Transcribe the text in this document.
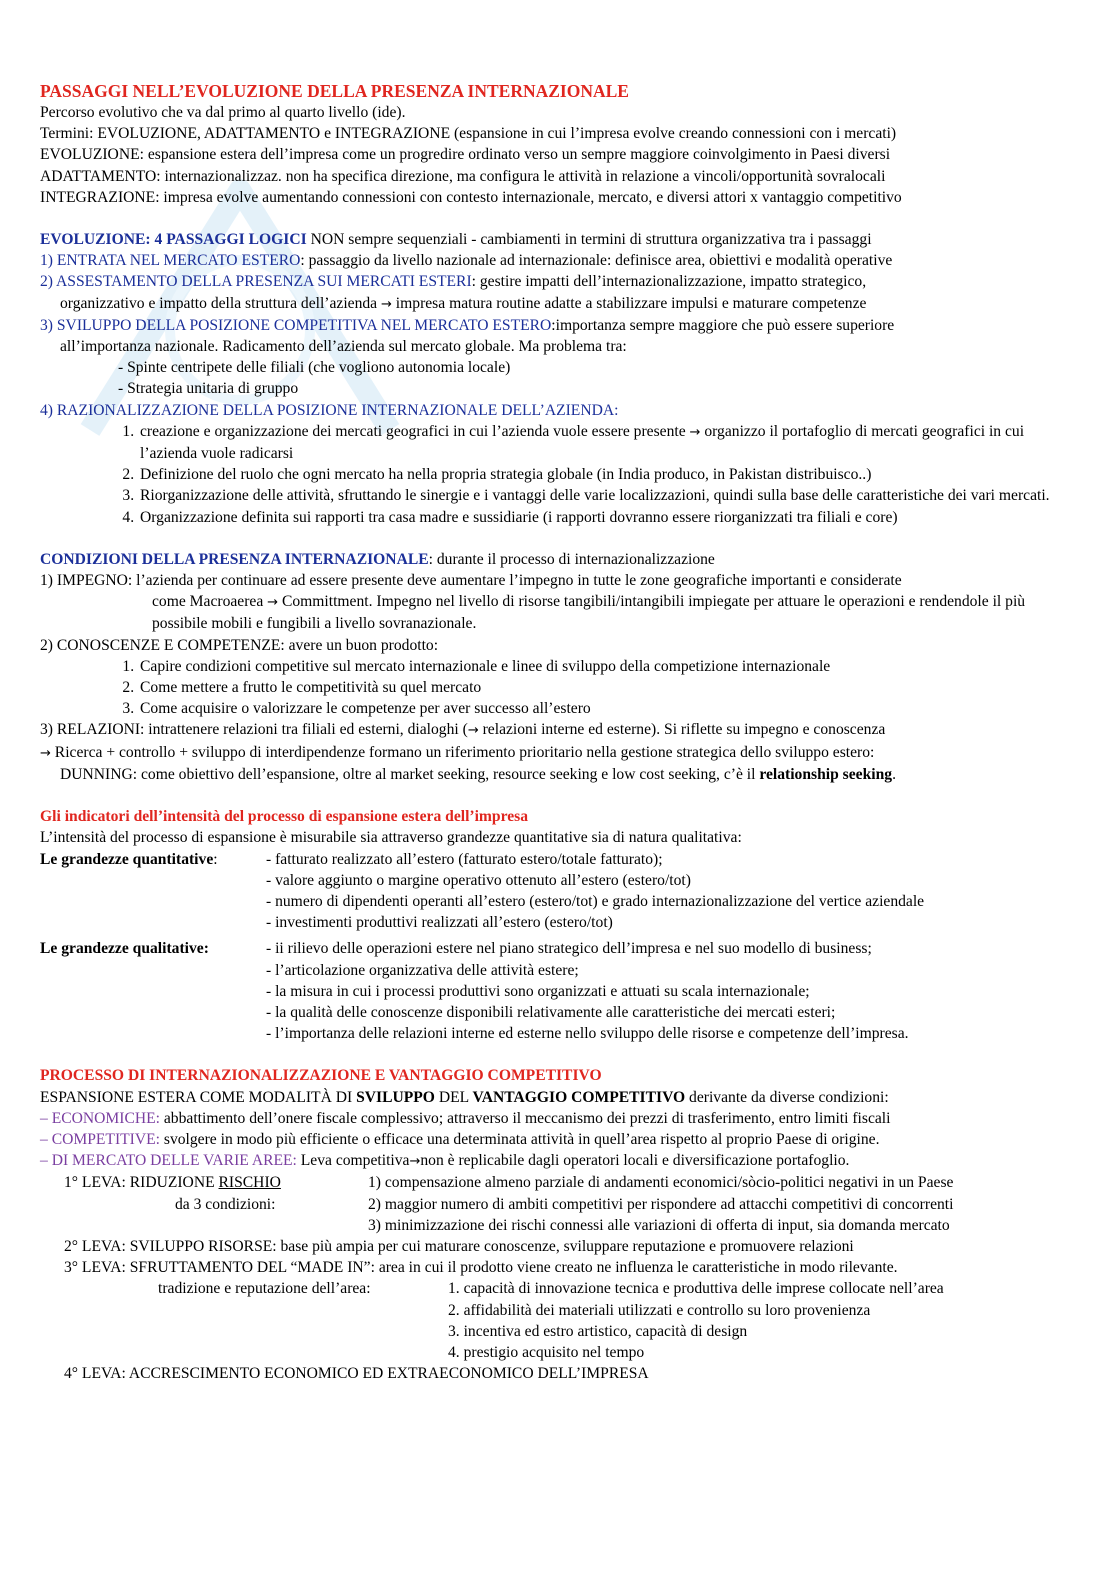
PASSAGGI NELL’EVOLUZIONE DELLA PRESENZA INTERNAZIONALE
Percorso evolutivo che va dal primo al quarto livello (ide).
Termini: EVOLUZIONE, ADATTAMENTO e INTEGRAZIONE (espansione in cui l’impresa evolve creando connessioni con i mercati)
EVOLUZIONE: espansione estera dell’impresa come un progredire ordinato verso un sempre maggiore coinvolgimento in Paesi diversi
ADATTAMENTO: internazionalizzaz. non ha specifica direzione, ma configura le attività in relazione a vincoli/opportunità sovralocali
INTEGRAZIONE: impresa evolve aumentando connessioni con contesto internazionale, mercato, e diversi attori x vantaggio competitivo
EVOLUZIONE: 4 PASSAGGI LOGICI NON sempre sequenziali - cambiamenti in termini di struttura organizzativa tra i passaggi
1) ENTRATA NEL MERCATO ESTERO: passaggio da livello nazionale ad internazionale: definisce area, obiettivi e modalità operative
2) ASSESTAMENTO DELLA PRESENZA SUI MERCATI ESTERI: gestire impatti dell’internazionalizzazione, impatto strategico,
organizzativo e impatto della struttura dell’azienda → impresa matura routine adatte a stabilizzare impulsi e maturare competenze
3) SVILUPPO DELLA POSIZIONE COMPETITIVA NEL MERCATO ESTERO:importanza sempre maggiore che può essere superiore
all’importanza nazionale. Radicamento dell’azienda sul mercato globale. Ma problema tra:
- Spinte centripete delle filiali (che vogliono autonomia locale)
- Strategia unitaria di gruppo
4) RAZIONALIZZAZIONE DELLA POSIZIONE INTERNAZIONALE DELL’AZIENDA:
1. creazione e organizzazione dei mercati geografici in cui l’azienda vuole essere presente → organizzo il portafoglio di mercati geografici in cui l’azienda vuole radicarsi
2. Definizione del ruolo che ogni mercato ha nella propria strategia globale (in India produco, in Pakistan distribuisco..)
3. Riorganizzazione delle attività, sfruttando le sinergie e i vantaggi delle varie localizzazioni, quindi sulla base delle caratteristiche dei vari mercati.
4. Organizzazione definita sui rapporti tra casa madre e sussidiarie (i rapporti dovranno essere riorganizzati tra filiali e core)
CONDIZIONI DELLA PRESENZA INTERNAZIONALE: durante il processo di internazionalizzazione
1) IMPEGNO: l’azienda per continuare ad essere presente deve aumentare l’impegno in tutte le zone geografiche importanti e considerate
come Macroaerea → Committment. Impegno nel livello di risorse tangibili/intangibili impiegate per attuare le operazioni e rendendole il più possibile mobili e fungibili a livello sovranazionale.
2) CONOSCENZE E COMPETENZE: avere un buon prodotto:
1. Capire condizioni competitive sul mercato internazionale e linee di sviluppo della competizione internazionale
2. Come mettere a frutto le competitività su quel mercato
3. Come acquisire o valorizzare le competenze per aver successo all’estero
3) RELAZIONI: intrattenere relazioni tra filiali ed esterni, dialoghi (→ relazioni interne ed esterne). Si riflette su impegno e conoscenza
→ Ricerca + controllo + sviluppo di interdipendenze formano un riferimento prioritario nella gestione strategica dello sviluppo estero:
DUNNING: come obiettivo dell’espansione, oltre al market seeking, resource seeking e low cost seeking, c’è il relationship seeking.
Gli indicatori dell’intensità del processo di espansione estera dell’impresa
L’intensità del processo di espansione è misurabile sia attraverso grandezze quantitative sia di natura qualitativa:
Le grandezze quantitative:	- fatturato realizzato all’estero (fatturato estero/totale fatturato);
- valore aggiunto o margine operativo ottenuto all’estero (estero/tot)
- numero di dipendenti operanti all’estero (estero/tot) e grado internazionalizzazione del vertice aziendale
- investimenti produttivi realizzati all’estero (estero/tot)
Le grandezze qualitative:	- ii rilievo delle operazioni estere nel piano strategico dell’impresa e nel suo modello di business;
- l’articolazione organizzativa delle attività estere;
- la misura in cui i processi produttivi sono organizzati e attuati su scala internazionale;
- la qualità delle conoscenze disponibili relativamente alle caratteristiche dei mercati esteri;
- l’importanza delle relazioni interne ed esterne nello sviluppo delle risorse e competenze dell’impresa.
PROCESSO DI INTERNAZIONALIZZAZIONE E VANTAGGIO COMPETITIVO
ESPANSIONE ESTERA COME MODALITÀ DI SVILUPPO DEL VANTAGGIO COMPETITIVO derivante da diverse condizioni:
– ECONOMICHE: abbattimento dell’onere fiscale complessivo; attraverso il meccanismo dei prezzi di trasferimento, entro limiti fiscali
– COMPETITIVE: svolgere in modo più efficiente o efficace una determinata attività in quell’area rispetto al proprio Paese di origine.
– DI MERCATO DELLE VARIE AREE: Leva competitiva→non è replicabile dagli operatori locali e diversificazione portafoglio.
1° LEVA: RIDUZIONE RISCHIO
da 3 condizioni:
1) compensazione almeno parziale di andamenti economici/sòcio-politici negativi in un Paese
2) maggior numero di ambiti competitivi per rispondere ad attacchi competitivi di concorrenti
3) minimizzazione dei rischi connessi alle variazioni di offerta di input, sia domanda mercato
2° LEVA: SVILUPPO RISORSE: base più ampia per cui maturare conoscenze, sviluppare reputazione e promuovere relazioni
3° LEVA: SFRUTTAMENTO DEL “MADE IN”: area in cui il prodotto viene creato ne influenza le caratteristiche in modo rilevante.
tradizione e reputazione dell’area:	1. capacità di innovazione tecnica e produttiva delle imprese collocate nell’area
2. affidabilità dei materiali utilizzati e controllo su loro provenienza
3. incentiva ed estro artistico, capacità di design
4. prestigio acquisito nel tempo
4° LEVA: ACCRESCIMENTO ECONOMICO ED EXTRAECONOMICO DELL’IMPRESA
